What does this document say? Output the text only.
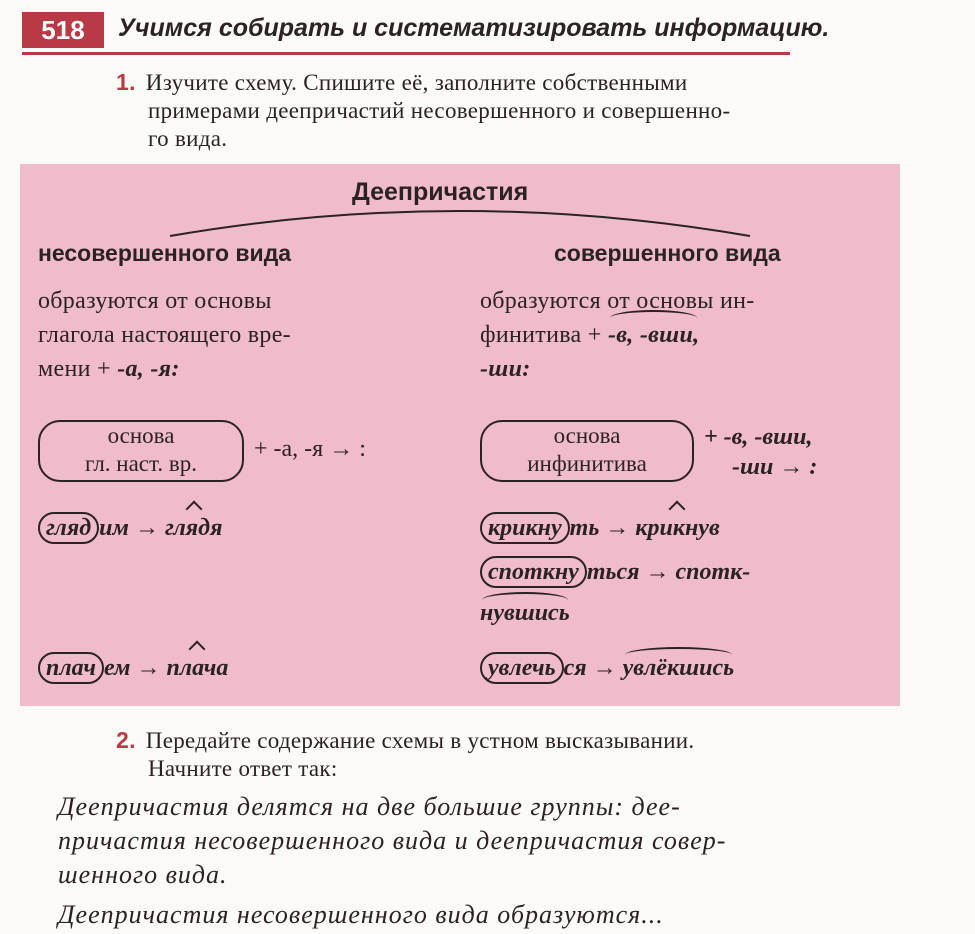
518	Учимся собирать и систематизировать информацию.
1. Изучите схему. Спишите её, заполните собственными
примерами деепричастий несовершенного и совершенно-
го вида.
Деепричастия
несовершенного вида
образуются от основы
глагола настоящего вре-
мени + -а, -я:
основа
гл. наст. вр.
+ -а, -я → :
гляд им → глядя
плач ем → плача
совершенного вида
образуются от основы ин-
финитива + -в, -вши,
-ши:
основа
инфинитива
+ -в, -вши,
-ши → :
крикну ть → крикнув
споткну ться → спотк-
нувшись
увлечь ся → увлёкшись
2. Передайте содержание схемы в устном высказывании.
Начните ответ так:
Деепричастия делятся на две большие группы: дее-
причастия несовершенного вида и деепричастия совер-
шенного вида.
Деепричастия несовершенного вида образуются...
